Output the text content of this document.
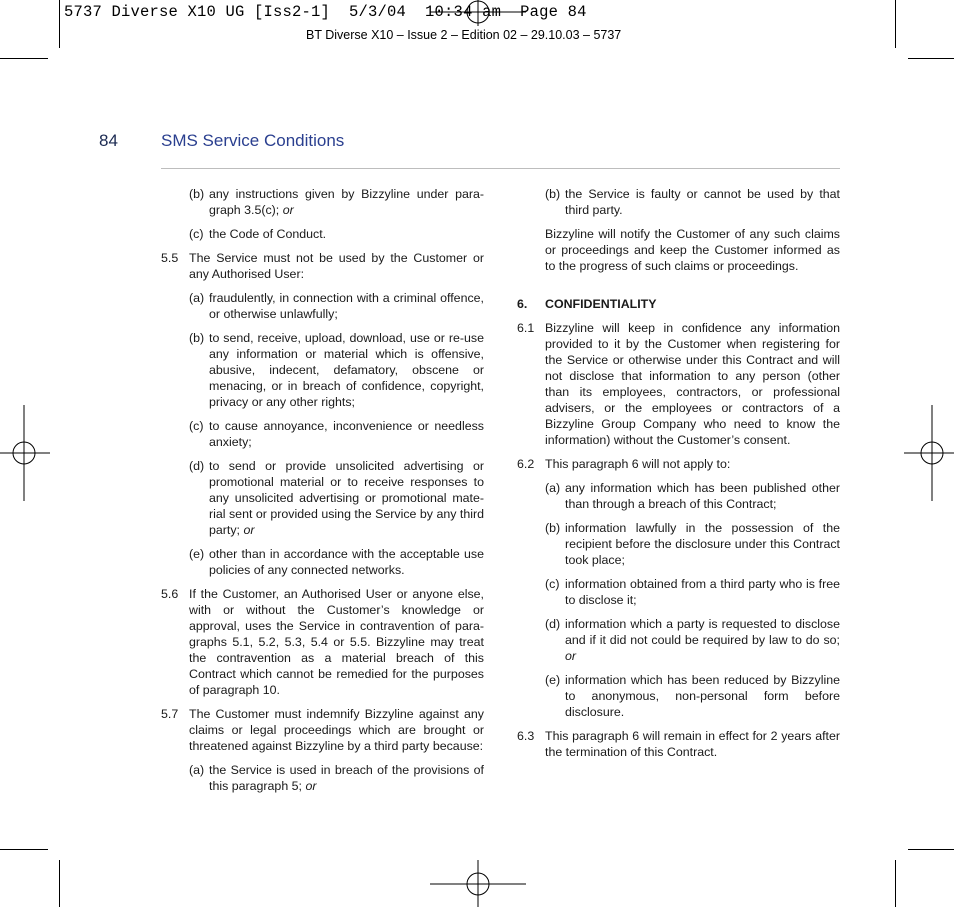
5737 Diverse X10 UG [Iss2-1]  5/3/04  10:34 am  Page 84
BT Diverse X10 – Issue 2 – Edition 02 – 29.10.03 – 5737
84	SMS Service Conditions
(b) any instructions given by Bizzyline under para-graph 3.5(c); or
(c) the Code of Conduct.
5.5 The Service must not be used by the Customer or any Authorised User:
(a) fraudulently, in connection with a criminal offence, or otherwise unlawfully;
(b) to send, receive, upload, download, use or re-use any information or material which is offensive, abusive, indecent, defamatory, obscene or menacing, or in breach of confidence, copyright, privacy or any other rights;
(c) to cause annoyance, inconvenience or needless anxiety;
(d) to send or provide unsolicited advertising or promotional material or to receive responses to any unsolicited advertising or promotional mate-rial sent or provided using the Service by any third party; or
(e) other than in accordance with the acceptable use policies of any connected networks.
5.6 If the Customer, an Authorised User or anyone else, with or without the Customer’s knowledge or approval, uses the Service in contravention of para-graphs 5.1, 5.2, 5.3, 5.4 or 5.5. Bizzyline may treat the contravention as a material breach of this Contract which cannot be remedied for the purposes of paragraph 10.
5.7 The Customer must indemnify Bizzyline against any claims or legal proceedings which are brought or threatened against Bizzyline by a third party because:
(a) the Service is used in breach of the provisions of this paragraph 5; or
(b) the Service is faulty or cannot be used by that third party.
Bizzyline will notify the Customer of any such claims or proceedings and keep the Customer informed as to the progress of such claims or proceedings.
6. CONFIDENTIALITY
6.1 Bizzyline will keep in confidence any information provided to it by the Customer when registering for the Service or otherwise under this Contract and will not disclose that information to any person (other than its employees, contractors, or professional advisers, or the employees or contractors of a Bizzyline Group Company who need to know the information) without the Customer’s consent.
6.2 This paragraph 6 will not apply to:
(a) any information which has been published other than through a breach of this Contract;
(b) information lawfully in the possession of the recipient before the disclosure under this Contract took place;
(c) information obtained from a third party who is free to disclose it;
(d) information which a party is requested to disclose and if it did not could be required by law to do so; or
(e) information which has been reduced by Bizzyline to anonymous, non-personal form before disclosure.
6.3 This paragraph 6 will remain in effect for 2 years after the termination of this Contract.
